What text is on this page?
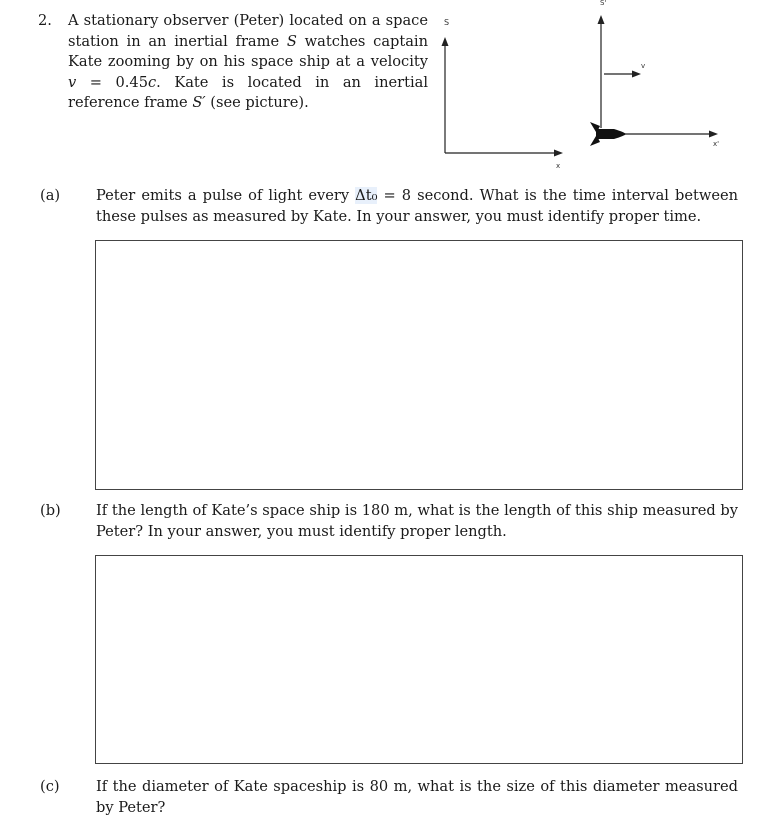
2. A stationary observer (Peter) located on a space station in an inertial frame S watches captain Kate zooming by on his space ship at a velocity v = 0.45c. Kate is located in an inertial reference frame S′ (see picture).
S
x
S'
x'
v
(a) Peter emits a pulse of light every Δt₀ = 8 second. What is the time interval between these pulses as measured by Kate. In your answer, you must identify proper time.
(b) If the length of Kate’s space ship is 180 m, what is the length of this ship measured by Peter? In your answer, you must identify proper length.
(c) If the diameter of Kate spaceship is 80 m, what is the size of this diameter measured by Peter?
